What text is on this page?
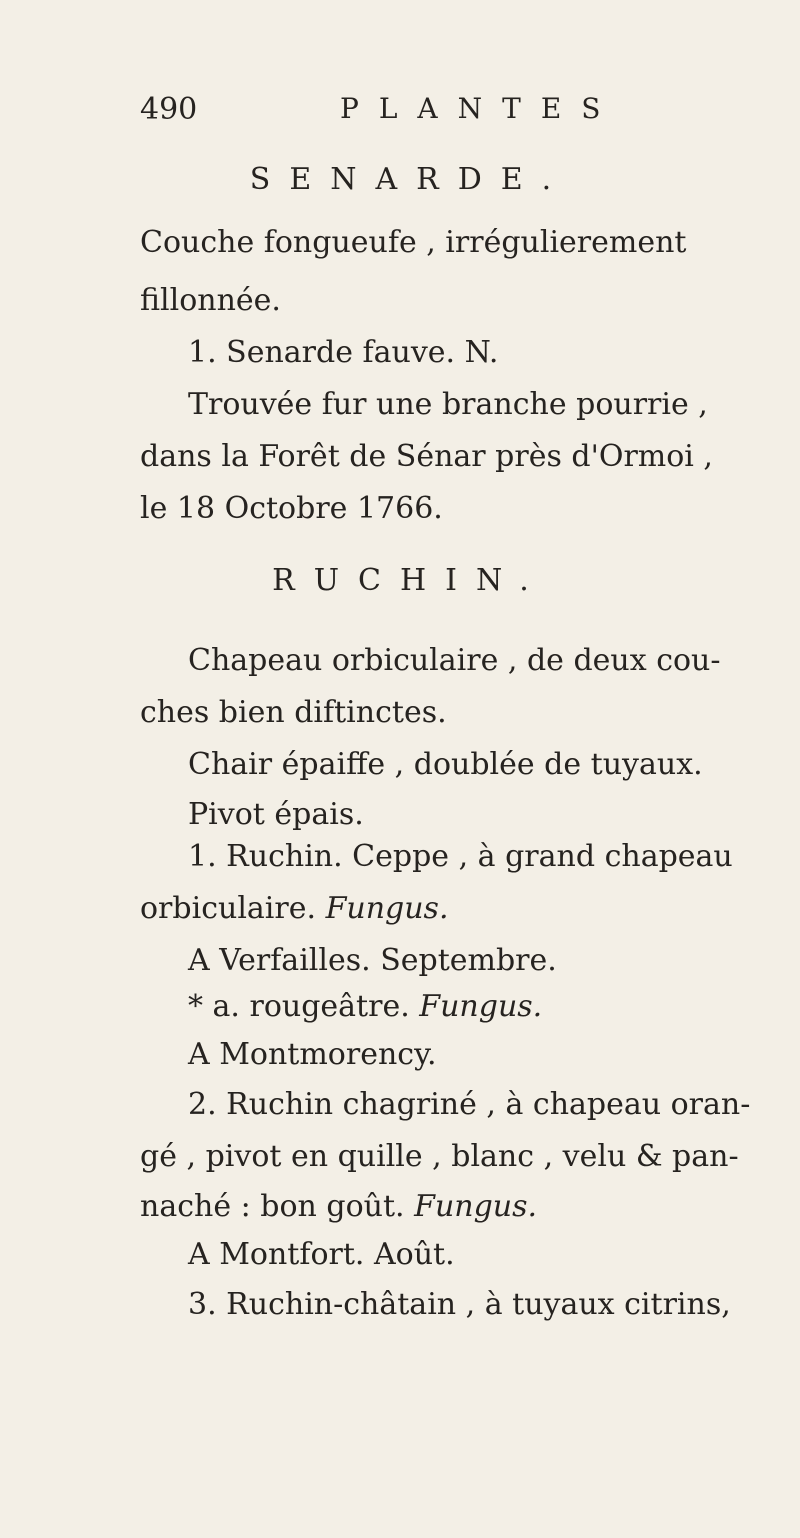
490	PLANTES
SENARDE.
Couche fongueufe , irrégulierement
fillonnée.
1. Senarde fauve. N.
Trouvée fur une branche pourrie ,
dans la Forêt de Sénar près d'Ormoi ,
le 18 Octobre 1766.
RUCHIN.
Chapeau orbiculaire , de deux cou-
ches bien diftinctes.
Chair épaiffe , doublée de tuyaux.
Pivot épais.
1. Ruchin. Ceppe , à grand chapeau
orbiculaire. Fungus.
A Verfailles. Septembre.
* a. rougeâtre. Fungus.
A Montmorency.
2. Ruchin chagriné , à chapeau oran-
gé , pivot en quille , blanc , velu & pan-
naché : bon goût. Fungus.
A Montfort. Août.
3. Ruchin-châtain , à tuyaux citrins,
